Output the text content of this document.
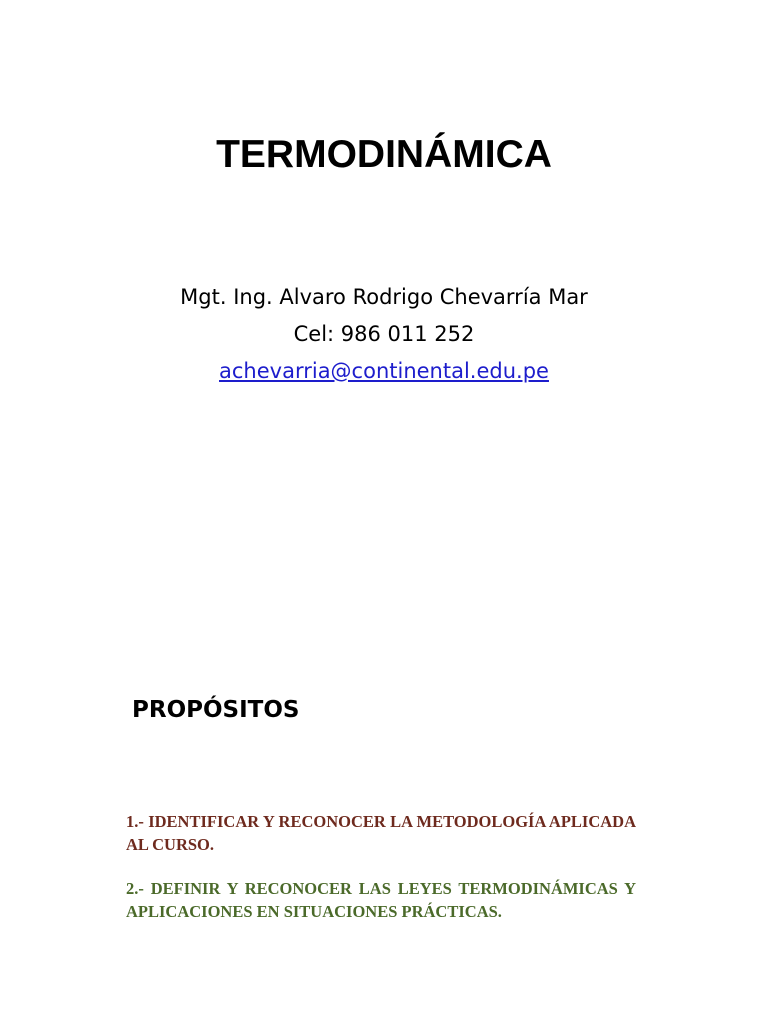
TERMODINÁMICA
Mgt. Ing. Alvaro Rodrigo Chevarría Mar
Cel: 986 011 252
achevarria@continental.edu.pe
PROPÓSITOS

1.- IDENTIFICAR Y RECONOCER LA METODOLOGÍA APLICADA AL CURSO.

2.- DEFINIR Y RECONOCER LAS LEYES TERMODINÁMICAS Y APLICACIONES EN SITUACIONES PRÁCTICAS.
